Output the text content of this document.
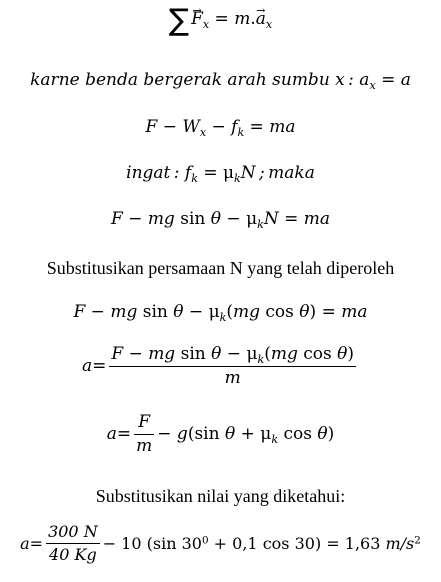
∑→ $F_x = m.\to a_x$
karne benda bergerak arah sumbu x : $a_x = a$
$F - W_x - f_k$ = ma
ingat : $f_k = \mu_kN$ ; maka
F − mg $\sin \theta - \mu_kN$ = ma
Substitusikan persamaan N yang telah diperoleh
F − mg $\sin \theta - \mu_k(mg$ cos θ) = ma
$a= \frac{F - mg \sin \theta - \mu_k(mg \cos \theta)}{m}$
$a= \frac{F}{m} - g(\sin$ $\theta + \mu_k$ cos θ)
Substitusikan nilai yang diketahui:
$a= \frac{300 N}{40 Kg} - 10$ (sin $30^0 + 0,1$ cos 30) = 1,63 $m/s^2$
